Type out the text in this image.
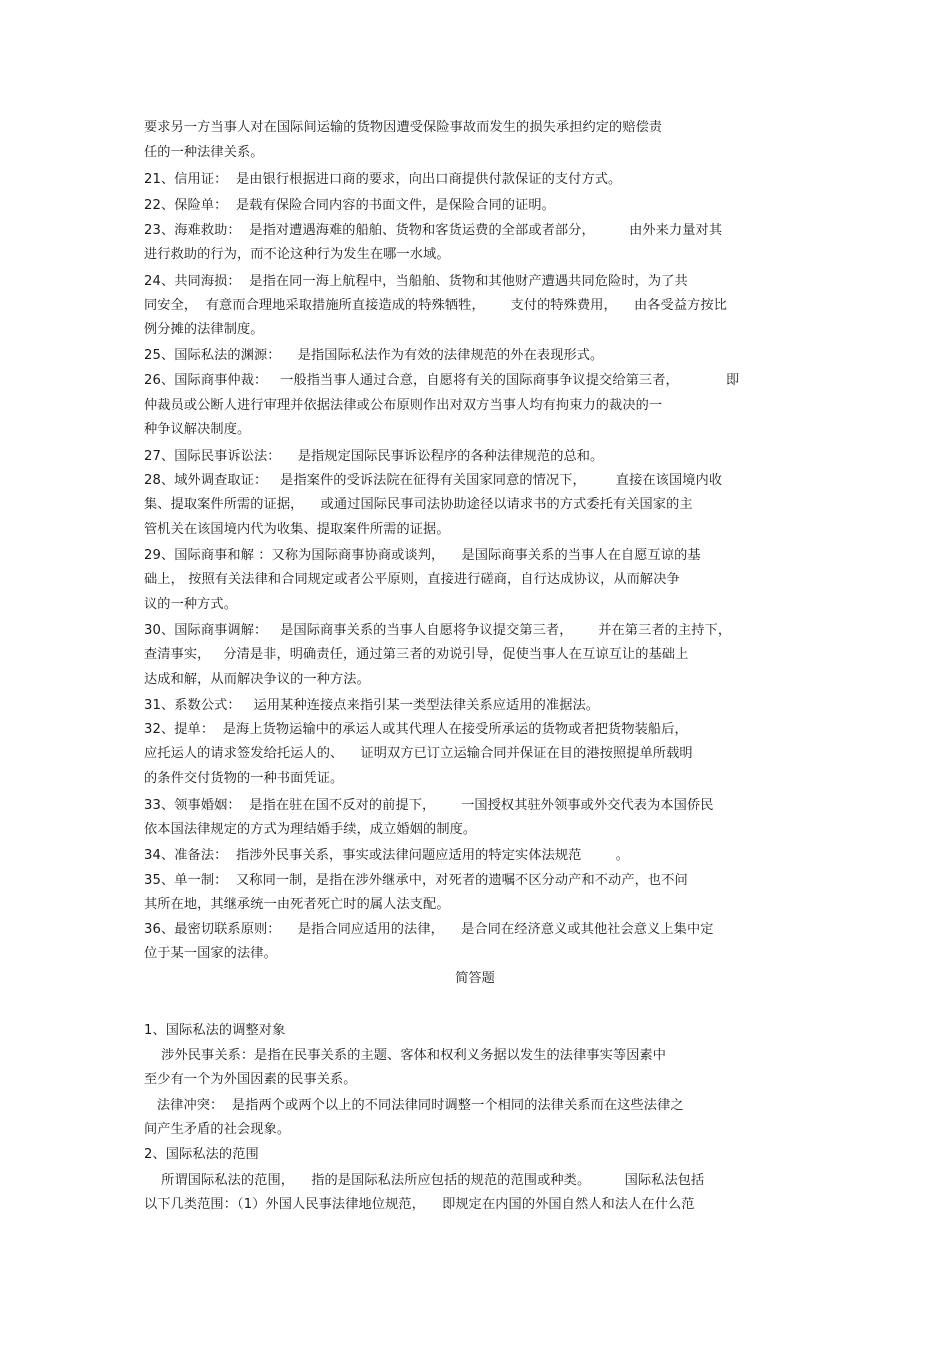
要求另一方当事人对在国际间运输的货物因遭受保险事故而发生的损失承担约定的赔偿责
任的一种法律关系。
21、信用证：  是由银行根据进口商的要求，向出口商提供付款保证的支付方式。
22、保险单：  是载有保险合同内容的书面文件，是保险合同的证明。
23、海难救助：  是指对遭遇海难的船舶、货物和客货运费的全部或者部分，        由外来力量对其
进行救助的行为，而不论这种行为发生在哪一水域。
24、共同海损：  是指在同一海上航程中，当船舶、货物和其他财产遭遇共同危险时，为了共
同安全，  有意而合理地采取措施所直接造成的特殊牺牲，      支付的特殊费用，    由各受益方按比
例分摊的法律制度。
25、国际私法的渊源：    是指国际私法作为有效的法律规范的外在表现形式。
26、国际商事仲裁：   一般指当事人通过合意，自愿将有关的国际商事争议提交给第三者，           即
仲裁员或公断人进行审理并依据法律或公布原则作出对双方当事人均有拘束力的裁决的一
种争议解决制度。
27、国际民事诉讼法：    是指规定国际民事诉讼程序的各种法律规范的总和。
28、域外调查取证：   是指案件的受诉法院在征得有关国家同意的情况下，       直接在该国境内收
集、提取案件所需的证据，    或通过国际民事司法协助途径以请求书的方式委托有关国家的主
管机关在该国境内代为收集、提取案件所需的证据。
29、国际商事和解 ：又称为国际商事协商或谈判，    是国际商事关系的当事人在自愿互谅的基
础上， 按照有关法律和合同规定或者公平原则，直接进行磋商，自行达成协议，从而解决争
议的一种方式。
30、国际商事调解：   是国际商事关系的当事人自愿将争议提交第三者，      并在第三者的主持下，
查清事实，   分清是非，明确责任，通过第三者的劝说引导，促使当事人在互谅互让的基础上
达成和解，从而解决争议的一种方法。
31、系数公式：   运用某种连接点来指引某一类型法律关系应适用的准据法。
32、提单：  是海上货物运输中的承运人或其代理人在接受所承运的货物或者把货物装船后，
应托运人的请求签发给托运人的、    证明双方已订立运输合同并保证在目的港按照提单所载明
的条件交付货物的一种书面凭证。
33、领事婚姻：  是指在驻在国不反对的前提下，      一国授权其驻外领事或外交代表为本国侨民
依本国法律规定的方式为理结婚手续，成立婚姻的制度。
34、准备法：  指涉外民事关系，事实或法律问题应适用的特定实体法规范        。
35、单一制：  又称同一制，是指在涉外继承中，对死者的遗嘱不区分动产和不动产，也不问
其所在地，其继承统一由死者死亡时的属人法支配。
36、最密切联系原则：    是指合同应适用的法律，    是合同在经济意义或其他社会意义上集中定
位于某一国家的法律。
简答题
1、国际私法的调整对象
涉外民事关系：是指在民事关系的主题、客体和权利义务据以发生的法律事实等因素中
至少有一个为外国因素的民事关系。
法律冲突：  是指两个或两个以上的不同法律同时调整一个相同的法律关系而在这些法律之
间产生矛盾的社会现象。
2、国际私法的范围
所谓国际私法的范围，    指的是国际私法所应包括的规范的范围或种类。        国际私法包括
以下几类范围：（1）外国人民事法律地位规范，    即规定在内国的外国自然人和法人在什么范
